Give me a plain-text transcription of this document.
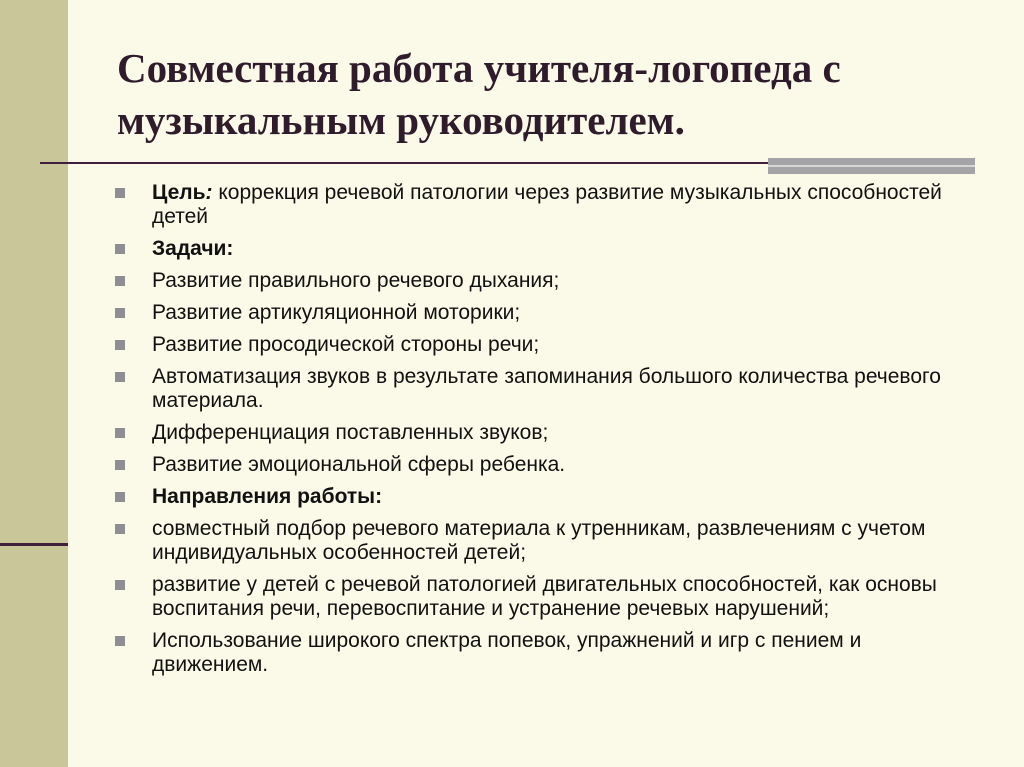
Совместная работа учителя-логопеда с музыкальным руководителем.
Цель: коррекция речевой патологии через развитие музыкальных способностей детей
Задачи:
Развитие правильного речевого дыхания;
Развитие артикуляционной моторики;
Развитие просодической стороны речи;
Автоматизация звуков в результате запоминания большого количества речевого материала.
Дифференциация поставленных звуков;
Развитие эмоциональной сферы ребенка.
Направления работы:
совместный подбор речевого материала к утренникам, развлечениям с учетом индивидуальных особенностей детей;
развитие у детей с речевой патологией двигательных способностей, как основы воспитания речи, перевоспитание и устранение речевых нарушений;
Использование широкого спектра попевок, упражнений и игр с пением и движением.
